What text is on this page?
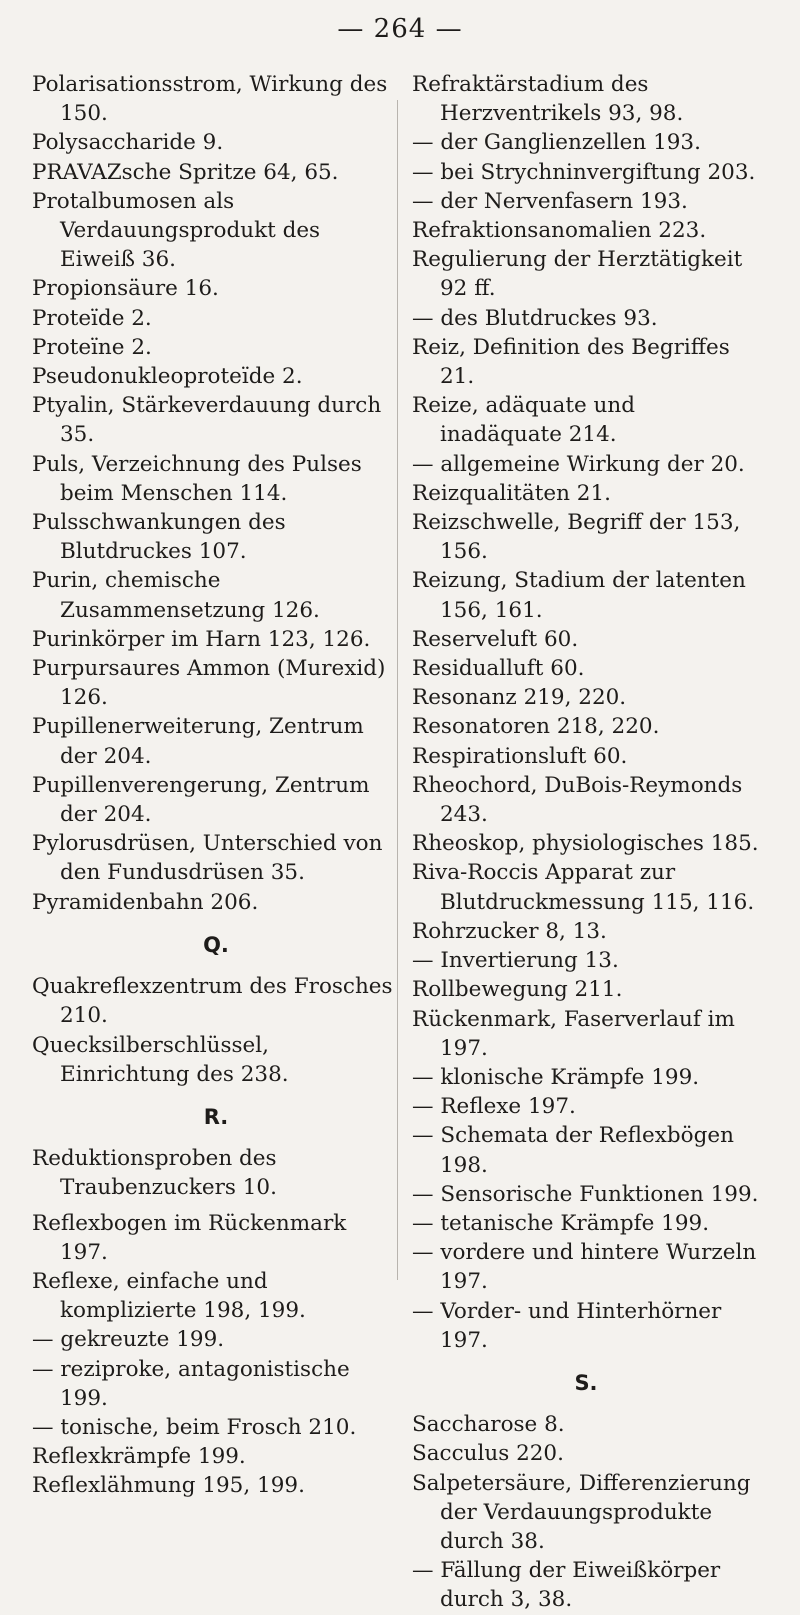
— 264 —

Polarisationsstrom, Wirkung des 150.

Polysaccharide 9.

PRAVAZsche Spritze 64, 65.

Protalbumosen als Verdauungsprodukt des Eiweiß 36.

Propionsäure 16.

Proteïde 2.

Proteïne 2.

Pseudonukleoproteïde 2.

Ptyalin, Stärkeverdauung durch 35.

Puls, Verzeichnung des Pulses beim Menschen 114.

Pulsschwankungen des Blutdruckes 107.

Purin, chemische Zusammensetzung 126.

Purinkörper im Harn 123, 126.

Purpursaures Ammon (Murexid) 126.

Pupillenerweiterung, Zentrum der 204.

Pupillenverengerung, Zentrum der 204.

Pylorusdrüsen, Unterschied von den Fundusdrüsen 35.

Pyramidenbahn 206.

Q.

Quakreflexzentrum des Frosches 210.

Quecksilberschlüssel, Einrichtung des 238.

R.

Reduktionsproben des Traubenzuckers 10.

Reflexbogen im Rückenmark 197.

Reflexe, einfache und komplizierte 198, 199.

— gekreuzte 199.

— reziproke, antagonistische 199.

— tonische, beim Frosch 210.

Reflexkrämpfe 199.

Reflexlähmung 195, 199.

Refraktärstadium des Herzventrikels 93, 98.

— der Ganglienzellen 193.

— bei Strychninvergiftung 203.

— der Nervenfasern 193.

Refraktionsanomalien 223.

Regulierung der Herztätigkeit 92 ff.

— des Blutdruckes 93.

Reiz, Definition des Begriffes 21.

Reize, adäquate und inadäquate 214.

— allgemeine Wirkung der 20.

Reizqualitäten 21.

Reizschwelle, Begriff der 153, 156.

Reizung, Stadium der latenten 156, 161.

Reserveluft 60.

Residualluft 60.

Resonanz 219, 220.

Resonatoren 218, 220.

Respirationsluft 60.

Rheochord, DuBois-Reymonds 243.

Rheoskop, physiologisches 185.

Riva-Roccis Apparat zur Blutdruckmessung 115, 116.

Rohrzucker 8, 13.

— Invertierung 13.

Rollbewegung 211.

Rückenmark, Faserverlauf im 197.

— klonische Krämpfe 199.

— Reflexe 197.

— Schemata der Reflexbögen 198.

— Sensorische Funktionen 199.

— tetanische Krämpfe 199.

— vordere und hintere Wurzeln 197.

— Vorder- und Hinterhörner 197.

S.

Saccharose 8.

Sacculus 220.

Salpetersäure, Differenzierung der Verdauungsprodukte durch 38.

— Fällung der Eiweißkörper durch 3, 38.
